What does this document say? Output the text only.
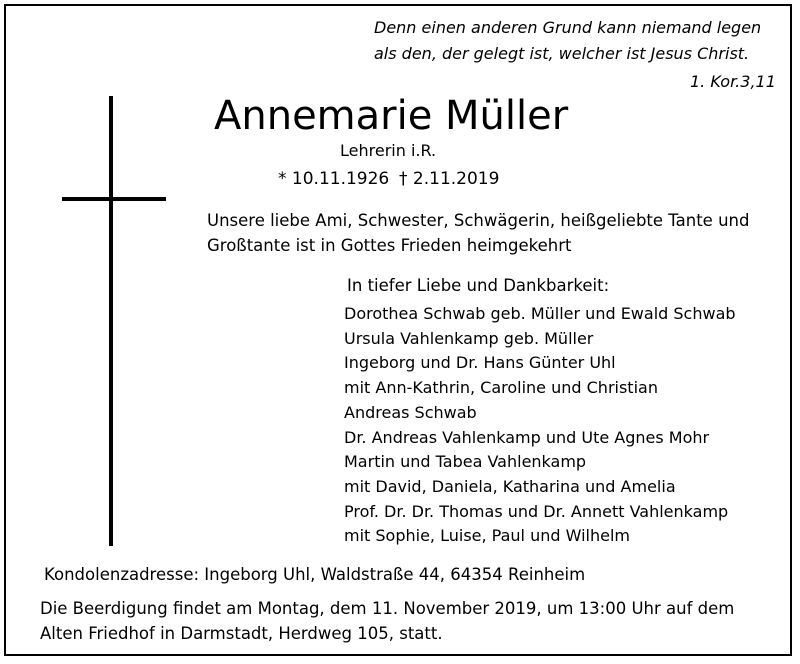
Denn einen anderen Grund kann niemand legen
als den, der gelegt ist, welcher ist Jesus Christ.
1. Kor.3,11
Annemarie Müller
Lehrerin i.R.
* 10.11.1926 † 2.11.2019
Unsere liebe Ami, Schwester, Schwägerin, heißgeliebte Tante und
Großtante ist in Gottes Frieden heimgekehrt
In tiefer Liebe und Dankbarkeit:
Dorothea Schwab geb. Müller und Ewald Schwab
Ursula Vahlenkamp geb. Müller
Ingeborg und Dr. Hans Günter Uhl
mit Ann-Kathrin, Caroline und Christian
Andreas Schwab
Dr. Andreas Vahlenkamp und Ute Agnes Mohr
Martin und Tabea Vahlenkamp
mit David, Daniela, Katharina und Amelia
Prof. Dr. Dr. Thomas und Dr. Annett Vahlenkamp
mit Sophie, Luise, Paul und Wilhelm
Kondolenzadresse: Ingeborg Uhl, Waldstraße 44, 64354 Reinheim
Die Beerdigung findet am Montag, dem 11. November 2019, um 13:00 Uhr auf dem
Alten Friedhof in Darmstadt, Herdweg 105, statt.
